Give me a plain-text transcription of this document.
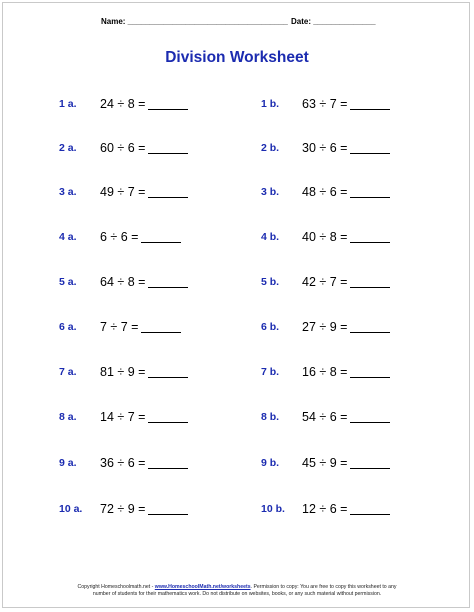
Name: ____________________________________ Date: ______________
Division Worksheet
1 a. 24 ÷ 8 =
2 a. 60 ÷ 6 =
3 a. 49 ÷ 7 =
4 a. 6 ÷ 6 =
5 a. 64 ÷ 8 =
6 a. 7 ÷ 7 =
7 a. 81 ÷ 9 =
8 a. 14 ÷ 7 =
9 a. 36 ÷ 6 =
10 a. 72 ÷ 9 =
1 b. 63 ÷ 7 =
2 b. 30 ÷ 6 =
3 b. 48 ÷ 6 =
4 b. 40 ÷ 8 =
5 b. 42 ÷ 7 =
6 b. 27 ÷ 9 =
7 b. 16 ÷ 8 =
8 b. 54 ÷ 6 =
9 b. 45 ÷ 9 =
10 b. 12 ÷ 6 =
Copyright Homeschoolmath.net - www.HomeschoolMath.net/worksheets. Permission to copy: You are free to copy this worksheet to any
number of students for their mathematics work. Do not distribute on websites, books, or any such material without permission.
